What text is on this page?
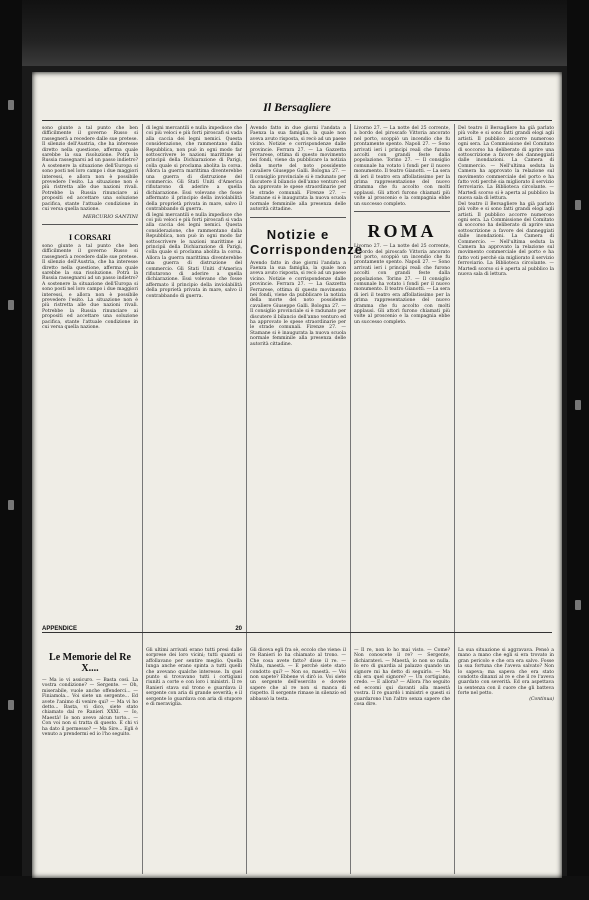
Il Bersagliere
sono giunte a tal punto che ben difficilmente il governo Russo si rassegnerà a recedere dalle sue pretese. Il silenzio dell'Austria, che ha interesse diretto nella questione, afferma quale sarebbe la sua risoluzione. Potrà la Russia rassegnarsi ad un passo indietro? A sostenere la situazione dell'Europa si sono posti nel loro campo i due maggiori interessi, e allora non è possibile prevedere l'esito. La situazione non è più ristretta alle due nazioni rivali. Potrebbe la Russia rinunciare ai propositi ed accettare una soluzione pacifica, stante l'attuale condizione in cui versa quella nazione.
MERCURIO SANTINI
I CORSARI
sono giunte a tal punto che ben difficilmente il governo Russo si rassegnerà a recedere dalle sue pretese. Il silenzio dell'Austria, che ha interesse diretto nella questione, afferma quale sarebbe la sua risoluzione. Potrà la Russia rassegnarsi ad un passo indietro? A sostenere la situazione dell'Europa si sono posti nel loro campo i due maggiori interessi, e allora non è possibile prevedere l'esito. La situazione non è più ristretta alle due nazioni rivali. Potrebbe la Russia rinunciare ai propositi ed accettare una soluzione pacifica, stante l'attuale condizione in cui versa quella nazione.
di legni mercantili e nulla impedisce che coi più veloci e più forti piroscafi si vada alla caccia dei legni nemici. Questa considerazione, che rammentano dalla Repubblica, non può in ogni modo far sottoscrivere le nazioni marittime ai principii della Dichiarazione di Parigi, colla quale si proclama abolita la corsa. Allora la guerra marittima diventerebbe una guerra di distruzione del commercio. Gli Stati Uniti d'America rifiutarono di aderire a quella dichiarazione. Essi volevano che fosse affermato il principio della inviolabilità della proprietà privata in mare, salvo il contrabbando di guerra.
di legni mercantili e nulla impedisce che coi più veloci e più forti piroscafi si vada alla caccia dei legni nemici. Questa considerazione, che rammentano dalla Repubblica, non può in ogni modo far sottoscrivere le nazioni marittime ai principii della Dichiarazione di Parigi, colla quale si proclama abolita la corsa. Allora la guerra marittima diventerebbe una guerra di distruzione del commercio. Gli Stati Uniti d'America rifiutarono di aderire a quella dichiarazione. Essi volevano che fosse affermato il principio della inviolabilità della proprietà privata in mare, salvo il contrabbando di guerra.
Avendo fatto in due giorni l'andata a Faenza la sua famiglia, la quale non aveva avuto risposta, si recò ad un paese vicino. Notizie e corrispondenze dalle provincie. Ferrara 27. — La Gazzetta Ferrarese, ottima di questo movimento nei fondi, viene da pubblicare la notizia della morte del noto possidente cavaliere Giuseppe Galli. Bologna 27. — Il consiglio provinciale si è radunato per discutere il bilancio dell'anno venturo ed ha approvato le spese straordinarie per le strade comunali. Firenze 27. — Stamane si è inaugurata la nuova scuola normale femminile alla presenza delle autorità cittadine.
Notizie e Corrispondenze
Avendo fatto in due giorni l'andata a Faenza la sua famiglia, la quale non aveva avuto risposta, si recò ad un paese vicino. Notizie e corrispondenze dalle provincie. Ferrara 27. — La Gazzetta Ferrarese, ottima di questo movimento nei fondi, viene da pubblicare la notizia della morte del noto possidente cavaliere Giuseppe Galli. Bologna 27. — Il consiglio provinciale si è radunato per discutere il bilancio dell'anno venturo ed ha approvato le spese straordinarie per le strade comunali. Firenze 27. — Stamane si è inaugurata la nuova scuola normale femminile alla presenza delle autorità cittadine.
Livorno 27. — La notte del 25 corrente, a bordo del piroscafo Vittoria ancorato nel porto, scoppiò un incendio che fu prontamente spento. Napoli 27. — Sono arrivati ieri i principi reali che furono accolti con grandi feste dalla popolazione. Torino 27. — Il consiglio comunale ha votato i fondi per il nuovo monumento. Il teatro Gianotti. — La sera di ieri il teatro era affollatissimo per la prima rappresentazione del nuovo dramma che fu accolto con molti applausi. Gli attori furono chiamati più volte al proscenio e la compagnia ebbe un successo completo.
ROMA
Livorno 27. — La notte del 25 corrente, a bordo del piroscafo Vittoria ancorato nel porto, scoppiò un incendio che fu prontamente spento. Napoli 27. — Sono arrivati ieri i principi reali che furono accolti con grandi feste dalla popolazione. Torino 27. — Il consiglio comunale ha votato i fondi per il nuovo monumento. Il teatro Gianotti. — La sera di ieri il teatro era affollatissimo per la prima rappresentazione del nuovo dramma che fu accolto con molti applausi. Gli attori furono chiamati più volte al proscenio e la compagnia ebbe un successo completo.
Del teatro il Bersagliere ha già parlato più volte e si sono fatti grandi elogi agli artisti. Il pubblico accorre numeroso ogni sera. La Commissione del Comitato di soccorso ha deliberato di aprire una sottoscrizione a favore dei danneggiati dalle inondazioni. La Camera di Commercio. — Nell'ultima seduta la Camera ha approvato la relazione sul movimento commerciale del porto e ha fatto voti perchè sia migliorato il servizio ferroviario. La Biblioteca circolante. — Martedì scorso si è aperta al pubblico la nuova sala di lettura.
Del teatro il Bersagliere ha già parlato più volte e si sono fatti grandi elogi agli artisti. Il pubblico accorre numeroso ogni sera. La Commissione del Comitato di soccorso ha deliberato di aprire una sottoscrizione a favore dei danneggiati dalle inondazioni. La Camera di Commercio. — Nell'ultima seduta la Camera ha approvato la relazione sul movimento commerciale del porto e ha fatto voti perchè sia migliorato il servizio ferroviario. La Biblioteca circolante. — Martedì scorso si è aperta al pubblico la nuova sala di lettura.
APPENDICE	20
Le Memorie del Re X....
— Ma io vi assicuro. — Basta così. La vostra condizione? — Sergente. — Oh, miserabile, vuole anche offenderci... — Finiamola... Voi siete un sergente... Ed avete l'animo di venire qui? — Ma vi ho detto... Basta, vi dico, siete stato chiamato dal re Ranieri XXXI. — Io, Maestà! Io non avevo alcun torto... — Con voi non si tratta di questo. E chi vi ha dato il permesso? — Ma Sire... Egli è venuto a prendermi ed io l'ho seguito.
Gli ultimi arrivati erano tutti presi dalle sorprese dei loro vicini; tutti quanti si affollavano per sentire meglio. Quella lunga anche erano spinta a tutti quelli che avevano qualche interesse. In quel punto si trovavano tutti i cortigiani riuniti a corte e con loro i ministri. Il re Ranieri stava sul trono e guardava il sergente con aria di grande severità; e il sergente lo guardava con aria di stupore e di meraviglia.
Gli diceva egli fra sè, eccolo che viene: il re Ranieri lo ha chiamato al trono. — Che cosa avete fatto? disse il re. — Nulla, maestà. — E perchè siete stato condotto qui? — Non so, maestà. — Voi non sapete? Ebbene vi dirò io. Voi siete un sergente dell'esercito e dovete sapere che al re non si manca di rispetto. Il sergente rimase in silenzio ed abbassò la testa.
— Il re, non lo ho mai visto. — Come? Non conoscete il re? — Sergente, dichiaratevi. — Maestà, io non so nulla. Io ero di guardia al palazzo quando un signore mi ha detto di seguirlo. — Ma chi era quel signore? — Un cortigiano, credo. — E allora? — Allora l'ho seguito ed eccomi qui davanti alla maestà vostra. Il re guardò i ministri e questi si guardarono l'un l'altro senza sapere che cosa dire.
La sua situazione si aggravava. Pensò a mano a mano che egli si era trovato in gran pericolo e che ora era salvo. Fosse la sua fortuna che l'aveva salvato? Non lo sapeva; ma sapeva che era stato condotto dinanzi al re e che il re l'aveva guardato con severità. Ed ora aspettava la sentenza con il cuore che gli batteva forte nel petto.
(Continua)
